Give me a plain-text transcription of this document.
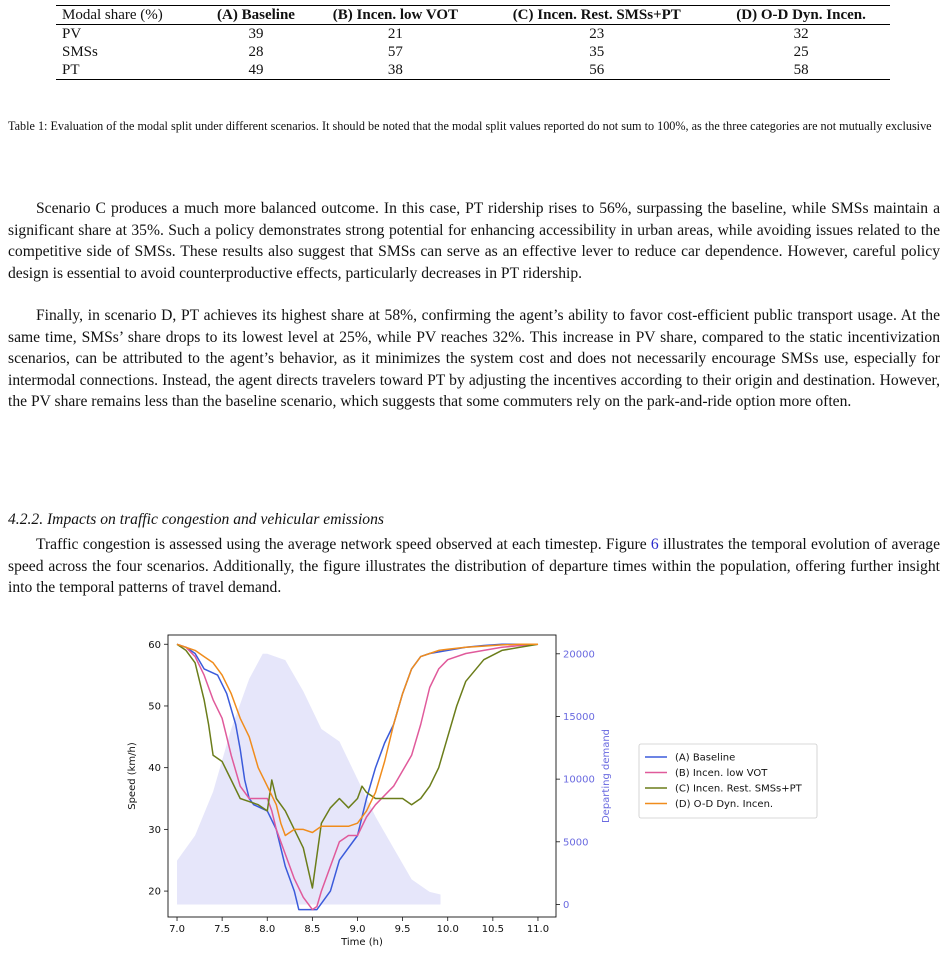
Modal share (%)	(A) Baseline	(B) Incen. low VOT	(C) Incen. Rest. SMSs+PT	(D) O-D Dyn. Incen.
PV	39	21	23	32
SMSs	28	57	35	25
PT	49	38	56	58
Table 1: Evaluation of the modal split under different scenarios. It should be noted that the modal split values reported do not sum to 100%, as the three categories are not mutually exclusive

Scenario C produces a much more balanced outcome. In this case, PT ridership rises to 56%, surpassing the baseline, while SMSs maintain a significant share at 35%. Such a policy demonstrates strong potential for enhancing accessibility in urban areas, while avoiding issues related to the competitive side of SMSs. These results also suggest that SMSs can serve as an effective lever to reduce car dependence. However, careful policy design is essential to avoid counterproductive effects, particularly decreases in PT ridership.

Finally, in scenario D, PT achieves its highest share at 58%, confirming the agent’s ability to favor cost-efficient public transport usage. At the same time, SMSs’ share drops to its lowest level at 25%, while PV reaches 32%. This increase in PV share, compared to the static incentivization scenarios, can be attributed to the agent’s behavior, as it minimizes the system cost and does not necessarily encourage SMSs use, especially for intermodal connections. Instead, the agent directs travelers toward PT by adjusting the incentives according to their origin and destination. However, the PV share remains less than the baseline scenario, which suggests that some commuters rely on the park-and-ride option more often.

4.2.2. Impacts on traffic congestion and vehicular emissions

Traffic congestion is assessed using the average network speed observed at each timestep. Figure 6 illustrates the temporal evolution of average speed across the four scenarios. Additionally, the figure illustrates the distribution of departure times within the population, offering further insight into the temporal patterns of travel demand.

7.0	7.5	8.0	8.5	9.0	9.5	10.0 10.5 11.0
20
30
40
50
60
0
5000
10000
15000
20000
Time (h)
Speed (km/h)	Departing demand	(A) Baseline
(B) Incen. low VOT
(C) Incen. Rest. SMSs+PT
(D) O-D Dyn. Incen.
